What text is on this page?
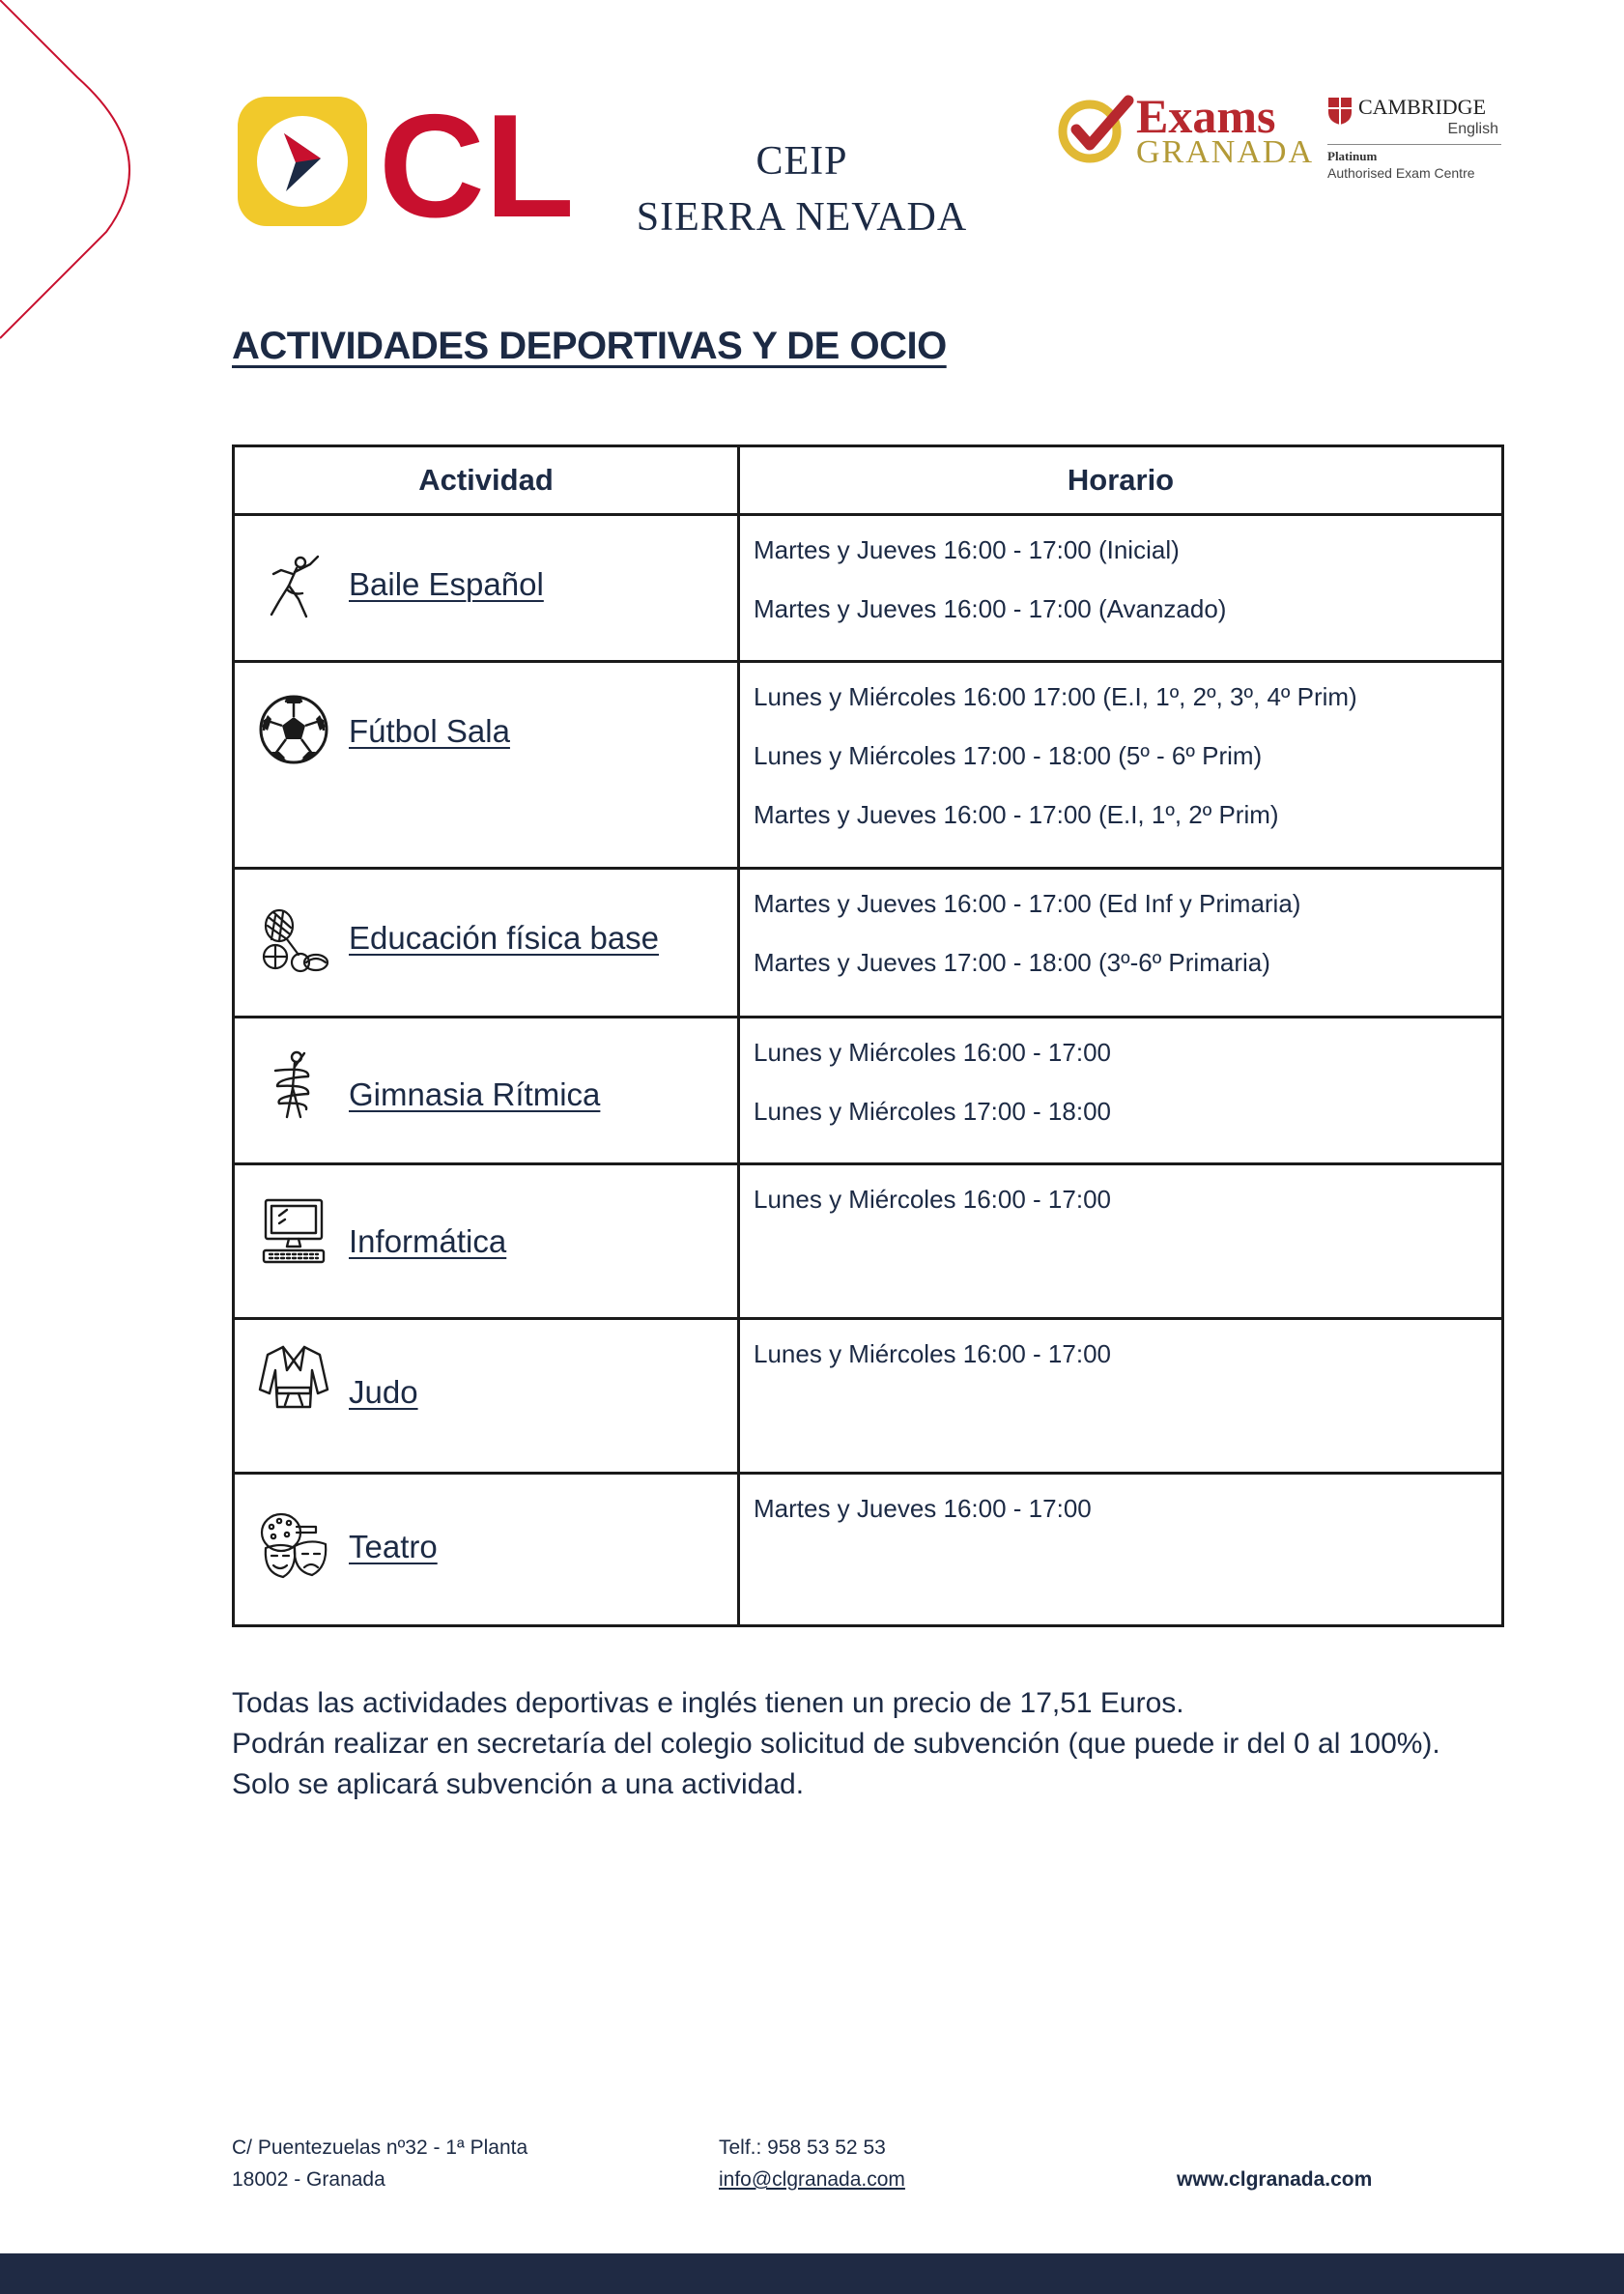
CL	CEIP
SIERRA NEVADA
Exams
GRANADA
CAMBRIDGE
English
Platinum
Authorised Exam Centre
ACTIVIDADES DEPORTIVAS Y DE OCIO
Actividad	Horario

Baile Español	Martes y Jueves 16:00 - 17:00 (Inicial)
Martes y Jueves 16:00 - 17:00 (Avanzado)

Fútbol Sala	Lunes y Miércoles 16:00 17:00 (E.I, 1º, 2º, 3º, 4º Prim)
Lunes y Miércoles 17:00 - 18:00 (5º - 6º Prim)
Martes y Jueves 16:00 - 17:00 (E.I, 1º, 2º Prim)

Educación física base	Martes y Jueves 16:00 - 17:00 (Ed Inf y Primaria)
Martes y Jueves 17:00 - 18:00 (3º-6º Primaria)

Gimnasia Rítmica	Lunes y Miércoles 16:00 - 17:00
Lunes y Miércoles 17:00 - 18:00

Informática	Lunes y Miércoles 16:00 - 17:00

Judo	Lunes y Miércoles 16:00 - 17:00

Teatro	Martes y Jueves 16:00 - 17:00

Todas las actividades deportivas e inglés tienen un precio de 17,51 Euros.

Podrán realizar en secretaría del colegio solicitud de subvención (que puede ir del 0 al 100%).

Solo se aplicará subvención a una actividad.

C/ Puentezuelas nº32 - 1ª Planta
18002 - Granada
Telf.: 958 53 52 53
info@clgranada.com	www.clgranada.com
